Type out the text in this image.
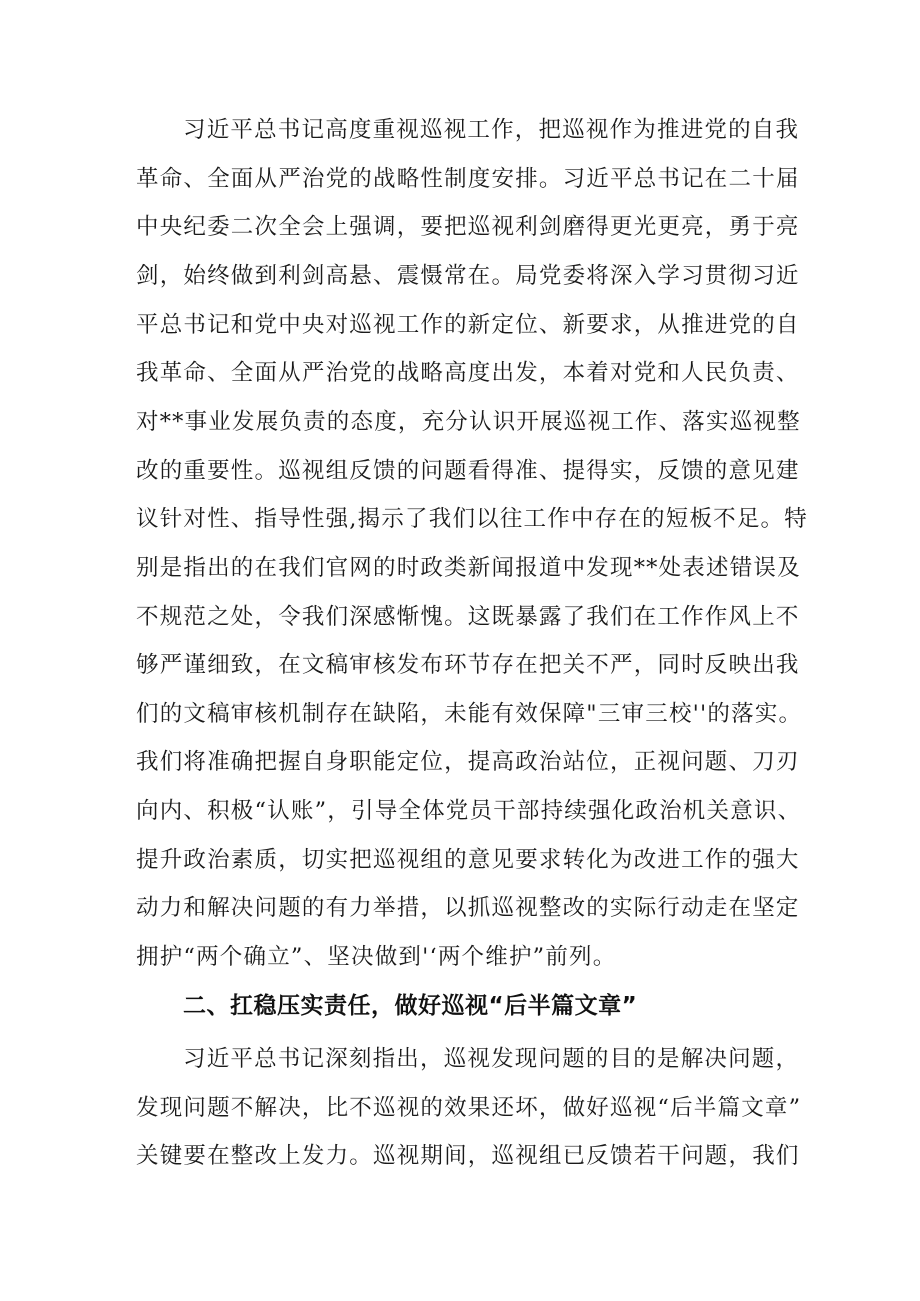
习近平总书记高度重视巡视工作，把巡视作为推进党的自我
革命、全面从严治党的战略性制度安排。习近平总书记在二十届
中央纪委二次全会上强调，要把巡视利剑磨得更光更亮，勇于亮
剑，始终做到利剑高悬、震慑常在。局党委将深入学习贯彻习近
平总书记和党中央对巡视工作的新定位、新要求，从推进党的自
我革命、全面从严治党的战略高度出发，本着对党和人民负责、
对**事业发展负责的态度，充分认识开展巡视工作、落实巡视整
改的重要性。巡视组反馈的问题看得准、提得实，反馈的意见建
议针对性、指导性强,揭示了我们以往工作中存在的短板不足。特
别是指出的在我们官网的时政类新闻报道中发现**处表述错误及
不规范之处，令我们深感惭愧。这既暴露了我们在工作作风上不
够严谨细致，在文稿审核发布环节存在把关不严，同时反映出我
们的文稿审核机制存在缺陷，未能有效保障"三审三校''的落实。
我们将准确把握自身职能定位，提高政治站位，正视问题、刀刃
向内、积极“认账”，引导全体党员干部持续强化政治机关意识、
提升政治素质，切实把巡视组的意见要求转化为改进工作的强大
动力和解决问题的有力举措，以抓巡视整改的实际行动走在坚定
拥护“两个确立”、坚决做到'‘两个维护”前列。
二、扛稳压实责任，做好巡视“后半篇文章”
习近平总书记深刻指出，巡视发现问题的目的是解决问题，
发现问题不解决，比不巡视的效果还坏，做好巡视“后半篇文章”
关键要在整改上发力。巡视期间，巡视组已反馈若干问题，我们
